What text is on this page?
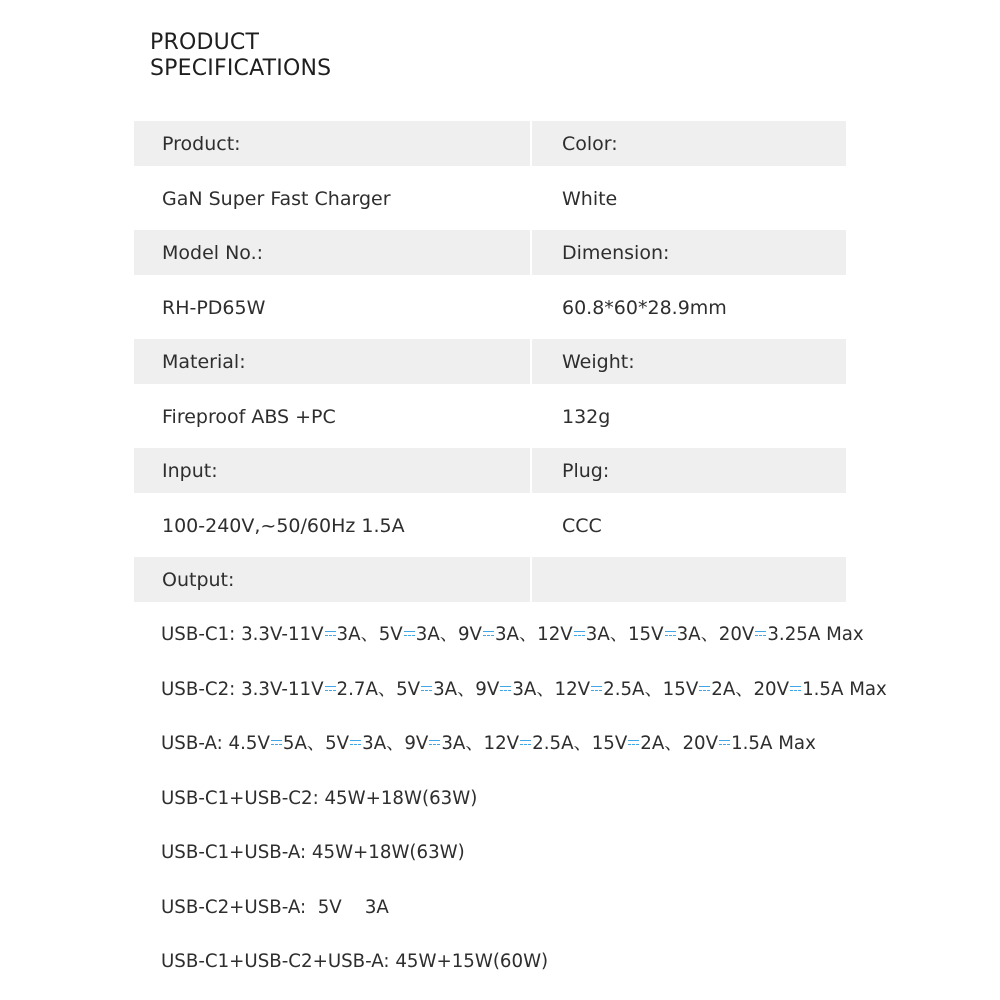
PRODUCT
SPECIFICATIONS
Product:	Color:
GaN Super Fast Charger	White
Model No.:	Dimension:
RH-PD65W	60.8*60*28.9mm
Material:	Weight:
Fireproof ABS +PC	132g
Input:	Plug:
100-240V,~50/60Hz 1.5A	CCC
Output:
USB-C1: 3.3V-11V 3A、5V 3A、9V 3A、12V 3A、15V 3A、20V 3.25A Max
USB-C2: 3.3V-11V 2.7A、5V 3A、9V 3A、12V 2.5A、15V 2A、20V 1.5A Max
USB-A: 4.5V 5A、5V 3A、9V 3A、12V 2.5A、15V 2A、20V 1.5A Max
USB-C1+USB-C2: 45W+18W(63W)
USB-C1+USB-A: 45W+18W(63W)
USB-C2+USB-A:  5V    3A
USB-C1+USB-C2+USB-A: 45W+15W(60W)
